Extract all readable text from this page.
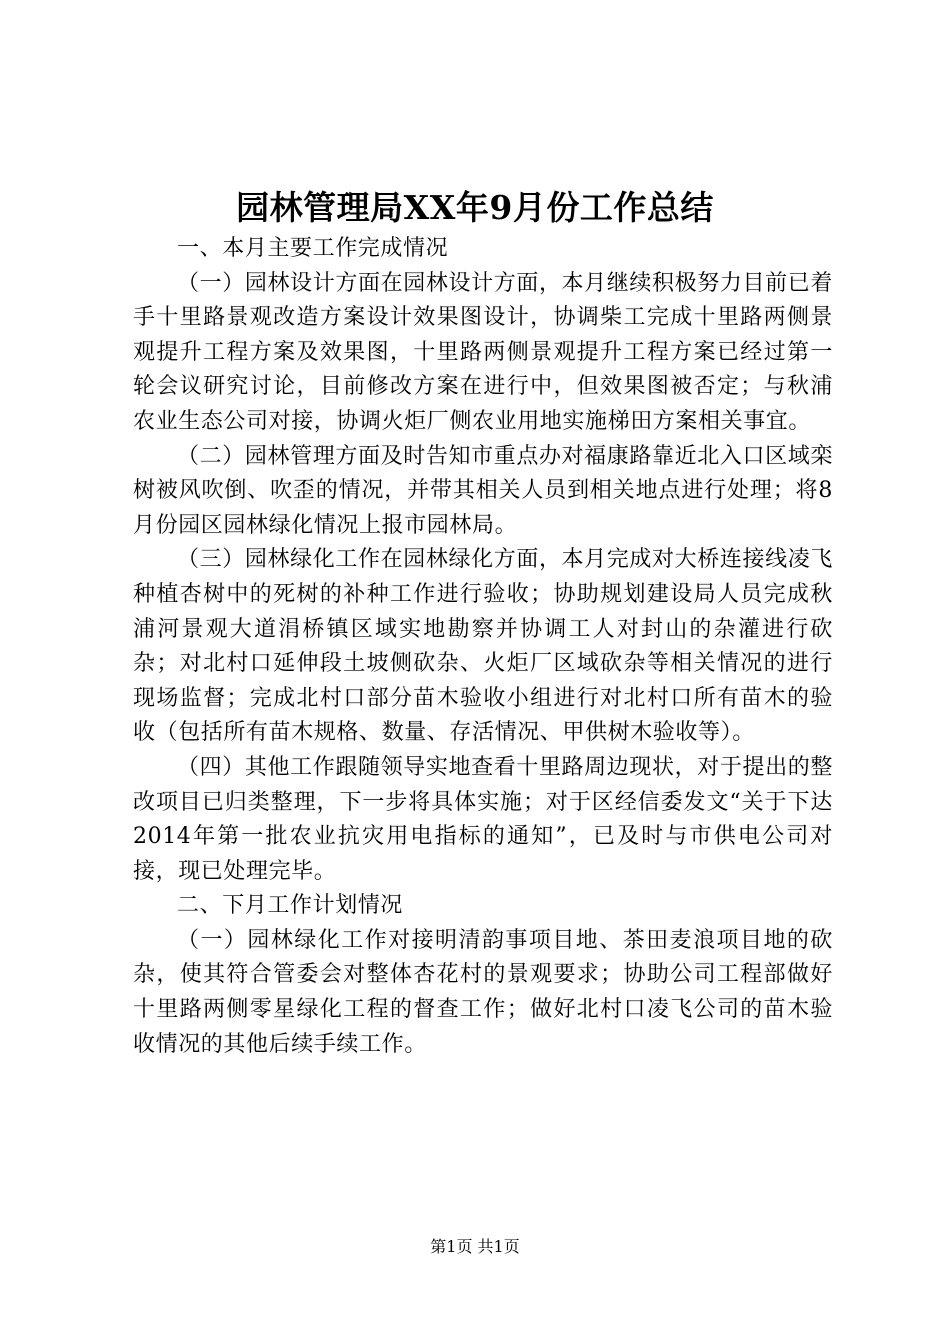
园林管理局XX年9月份工作总结

一、本月主要工作完成情况

（一）园林设计方面在园林设计方面，本月继续积极努力目前已着手十里路景观改造方案设计效果图设计，协调柴工完成十里路两侧景观提升工程方案及效果图，十里路两侧景观提升工程方案已经过第一轮会议研究讨论，目前修改方案在进行中，但效果图被否定；与秋浦农业生态公司对接，协调火炬厂侧农业用地实施梯田方案相关事宜。

（二）园林管理方面及时告知市重点办对福康路靠近北入口区域栾树被风吹倒、吹歪的情况，并带其相关人员到相关地点进行处理；将8月份园区园林绿化情况上报市园林局。

（三）园林绿化工作在园林绿化方面，本月完成对大桥连接线凌飞种植杏树中的死树的补种工作进行验收；协助规划建设局人员完成秋浦河景观大道涓桥镇区域实地勘察并协调工人对封山的杂灌进行砍杂；对北村口延伸段土坡侧砍杂、火炬厂区域砍杂等相关情况的进行现场监督；完成北村口部分苗木验收小组进行对北村口所有苗木的验收（包括所有苗木规格、数量、存活情况、甲供树木验收等）。

（四）其他工作跟随领导实地查看十里路周边现状，对于提出的整改项目已归类整理，下一步将具体实施；对于区经信委发文“关于下达2014年第一批农业抗灾用电指标的通知”，已及时与市供电公司对接，现已处理完毕。

二、下月工作计划情况

（一）园林绿化工作对接明清韵事项目地、茶田麦浪项目地的砍杂，使其符合管委会对整体杏花村的景观要求；协助公司工程部做好十里路两侧零星绿化工程的督查工作；做好北村口凌飞公司的苗木验收情况的其他后续手续工作。

第1页 共1页
